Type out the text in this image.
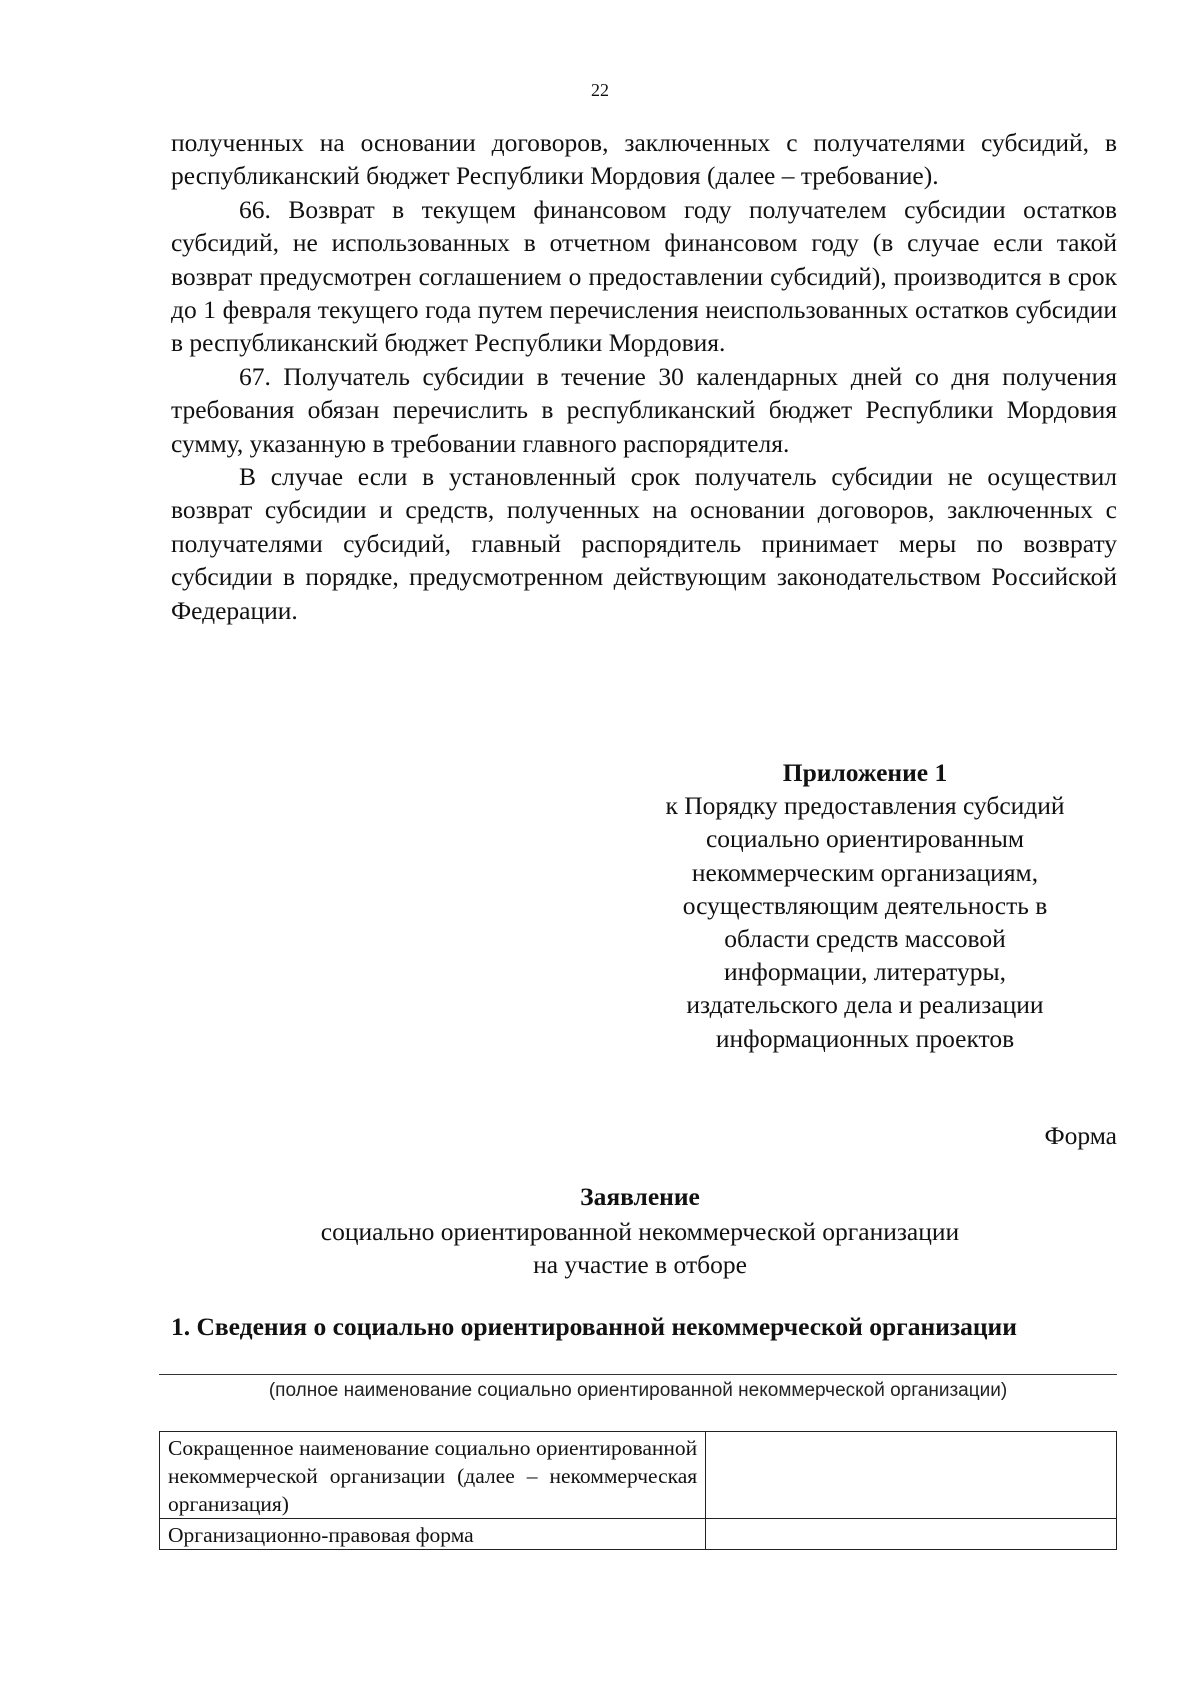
22

полученных на основании договоров, заключенных с получателями субсидий, в республиканский бюджет Республики Мордовия (далее – требование).

66. Возврат в текущем финансовом году получателем субсидии остатков субсидий, не использованных в отчетном финансовом году (в случае если такой возврат предусмотрен соглашением о предоставлении субсидий), производится в срок до 1 февраля текущего года путем перечисления неиспользованных остатков субсидии в республиканский бюджет Республики Мордовия.

67. Получатель субсидии в течение 30 календарных дней со дня получения требования обязан перечислить в республиканский бюджет Республики Мордовия сумму, указанную в требовании главного распорядителя.

В случае если в установленный срок получатель субсидии не осуществил возврат субсидии и средств, полученных на основании договоров, заключенных с получателями субсидий, главный распорядитель принимает меры по возврату субсидии в порядке, предусмотренном действующим законодательством Российской Федерации.

Приложение 1
к Порядку предоставления субсидий
социально ориентированным
некоммерческим организациям,
осуществляющим деятельность в
области средств массовой
информации, литературы,
издательского дела и реализации
информационных проектов
Форма
Заявление
социально ориентированной некоммерческой организации
на участие в отборе
1. Сведения о социально ориентированной некоммерческой организации
(полное наименование социально ориентированной некоммерческой организации)
Сокращенное наименование социально ориентированной некоммерческой организации (далее – некоммерческая организация)	
Организационно-правовая форма	
